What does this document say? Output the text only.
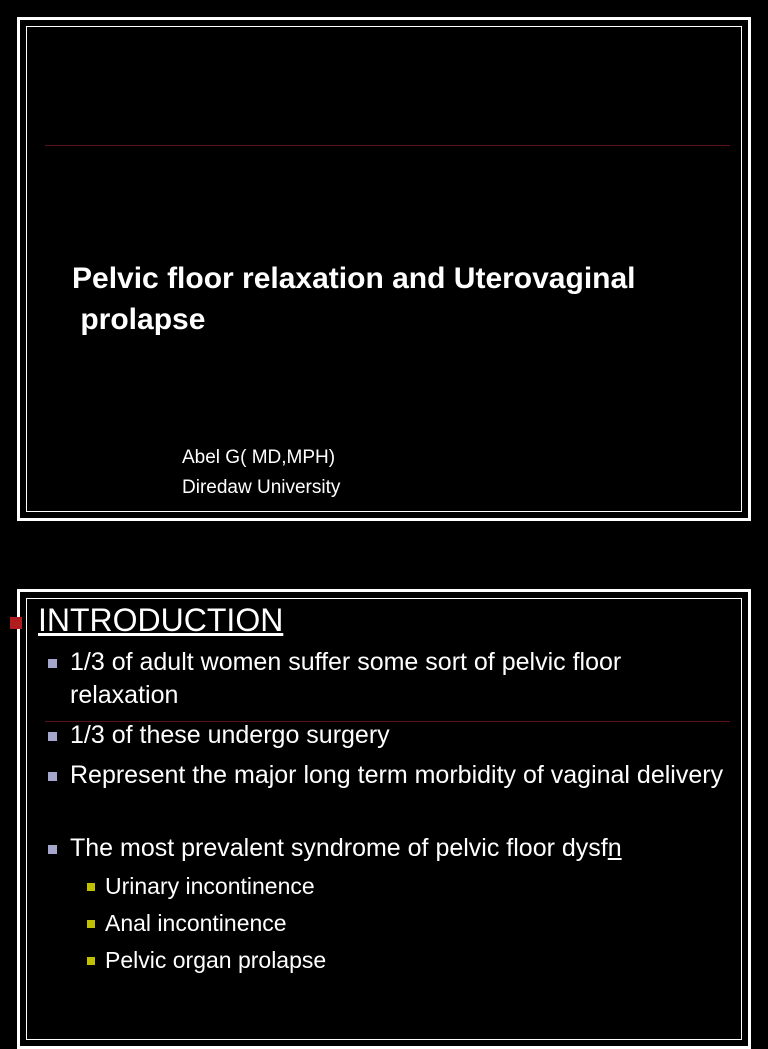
Pelvic floor relaxation and Uterovaginal
prolapse

Abel G( MD,MPH)
Diredaw University
INTRODUCTION
1/3 of adult women suffer some sort of pelvic floor relaxation
1/3 of these undergo surgery
Represent the major long term morbidity of vaginal delivery
The most prevalent syndrome of pelvic floor dysfn
Urinary incontinence
Anal incontinence
Pelvic organ prolapse
